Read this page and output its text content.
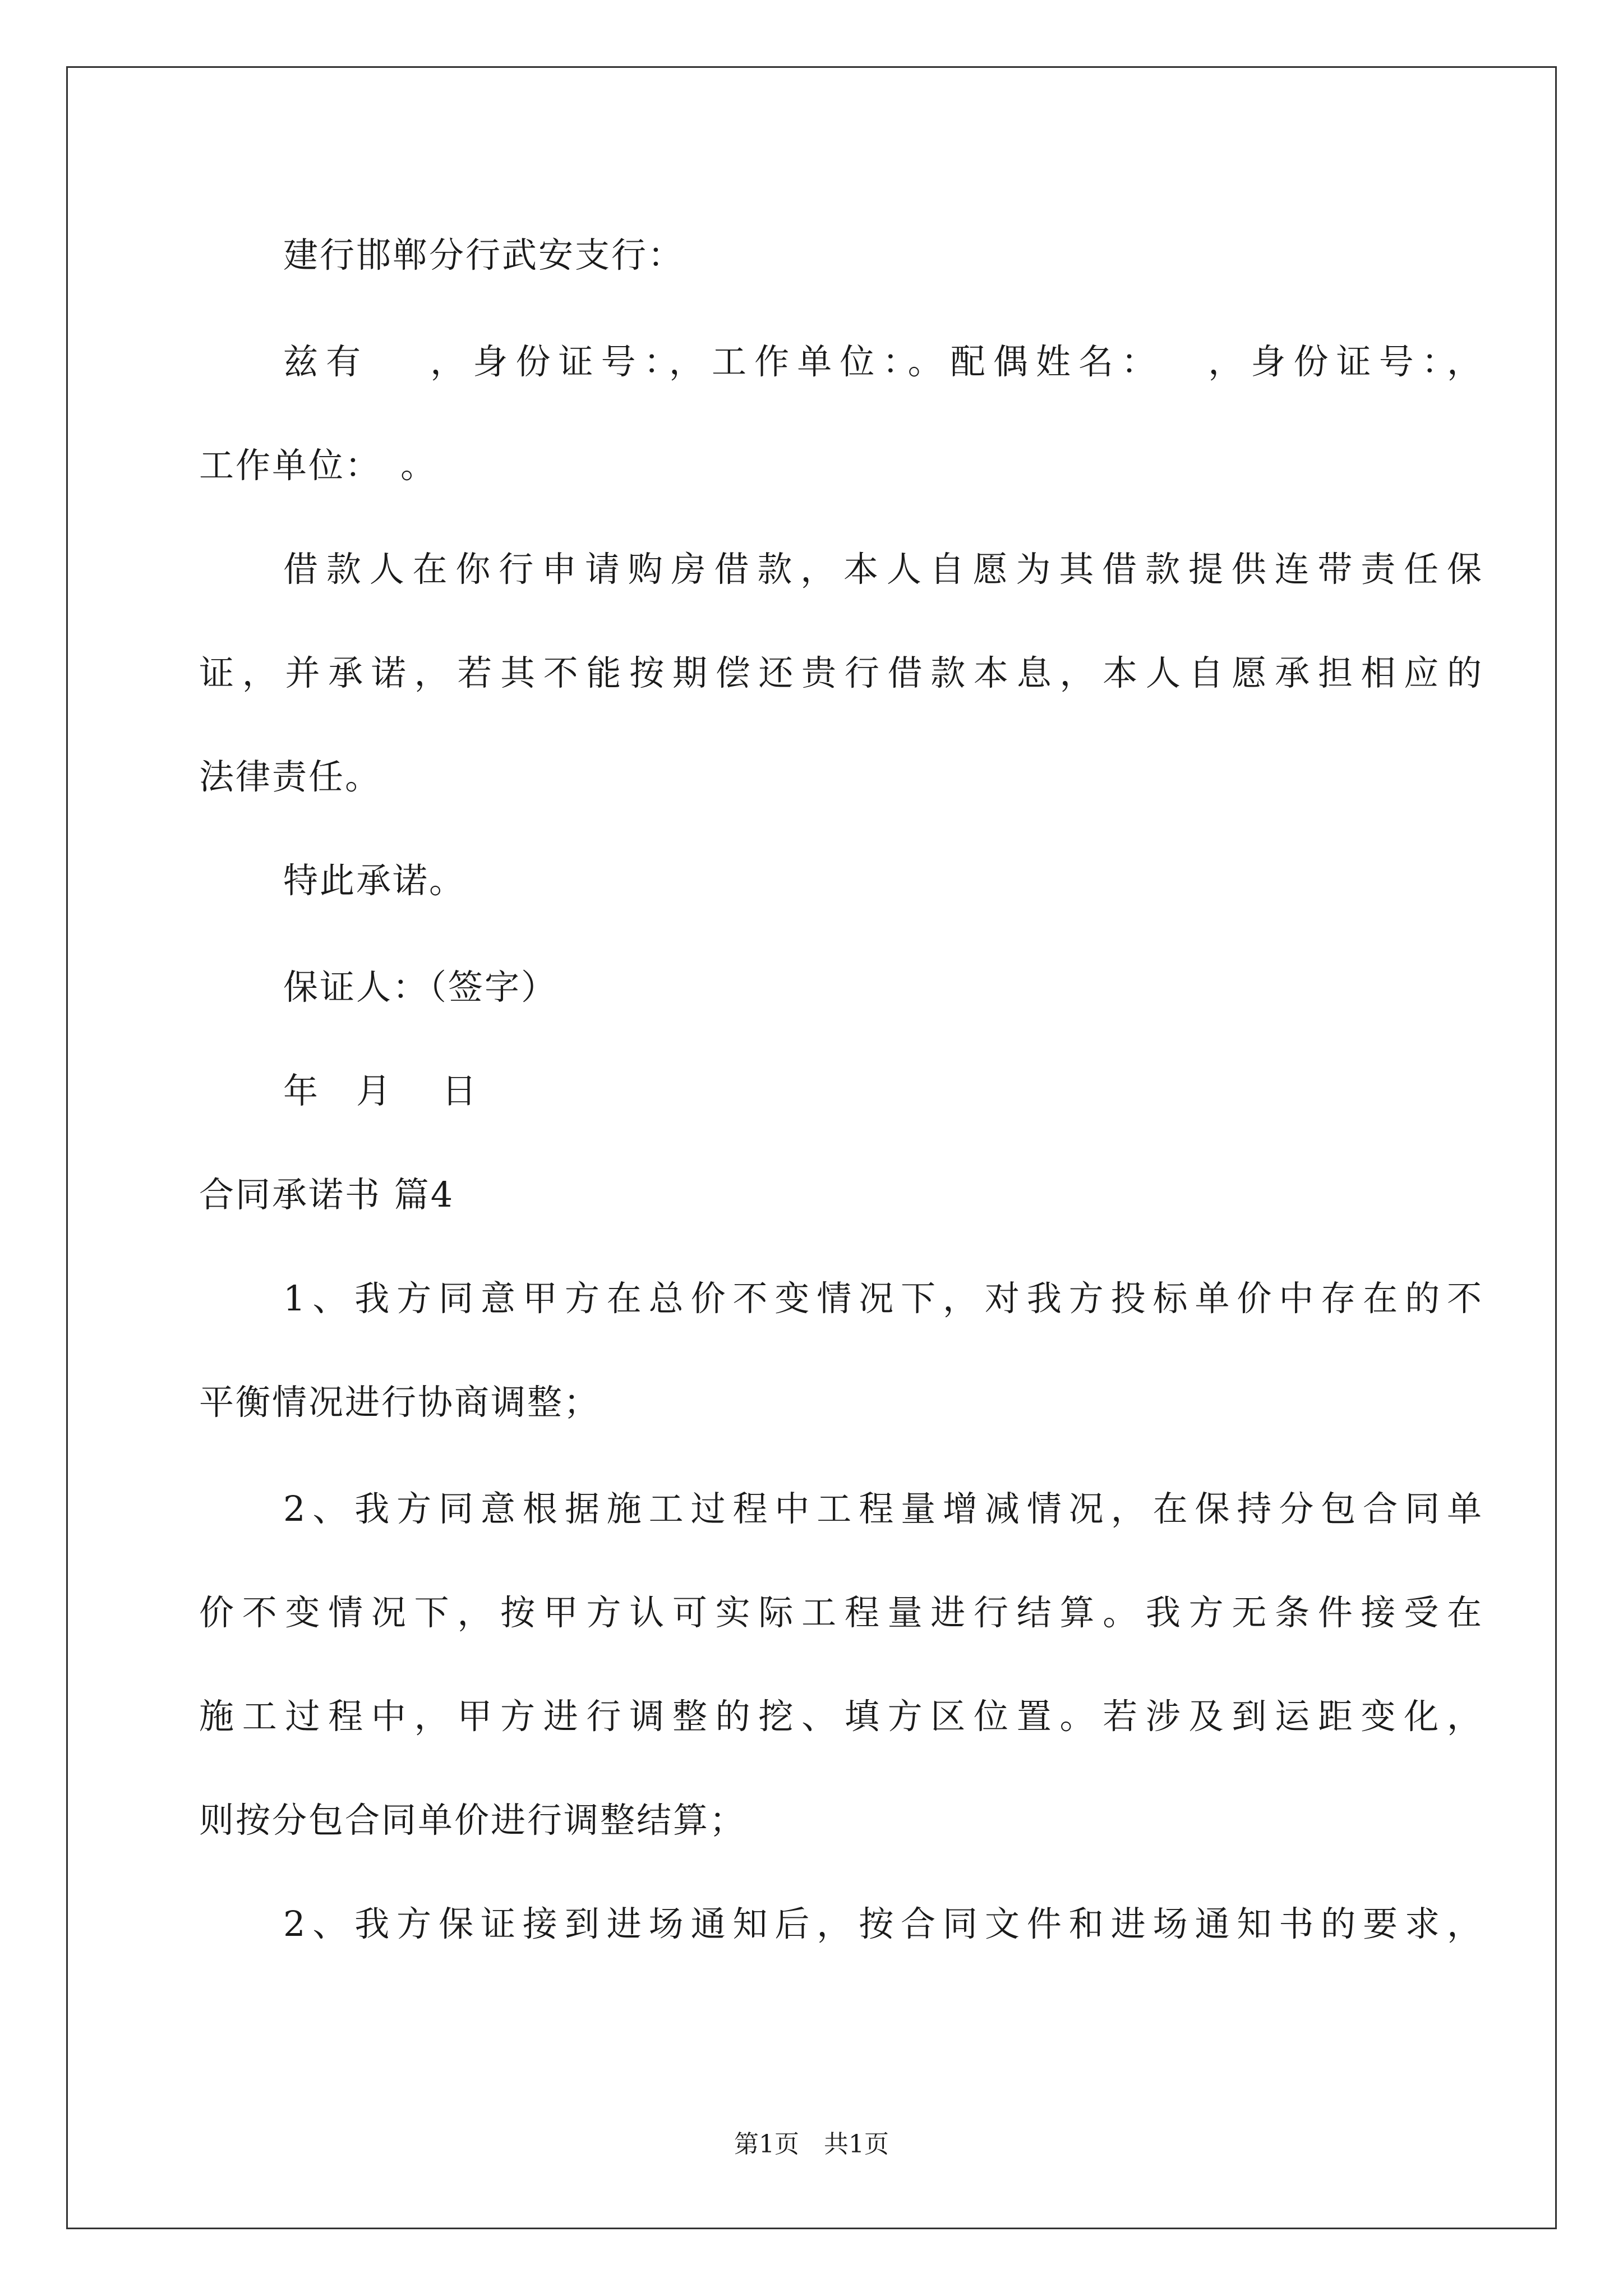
建行邯郸分行武安支行：
兹有　 ，身份证号：，工作单位：。配偶姓名：　 ，身份证号：，
工作单位：　。
借款人在你行申请购房借款，本人自愿为其借款提供连带责任保
证，并承诺，若其不能按期偿还贵行借款本息，本人自愿承担相应的
法律责任。
特此承诺。
保证人：（签字）
年　月　 日
合同承诺书 篇4
1、我方同意甲方在总价不变情况下，对我方投标单价中存在的不
平衡情况进行协商调整；
2、我方同意根据施工过程中工程量增减情况，在保持分包合同单
价不变情况下，按甲方认可实际工程量进行结算。我方无条件接受在
施工过程中，甲方进行调整的挖、填方区位置。若涉及到运距变化，
则按分包合同单价进行调整结算；
2、我方保证接到进场通知后，按合同文件和进场通知书的要求，
第1页　共1页
